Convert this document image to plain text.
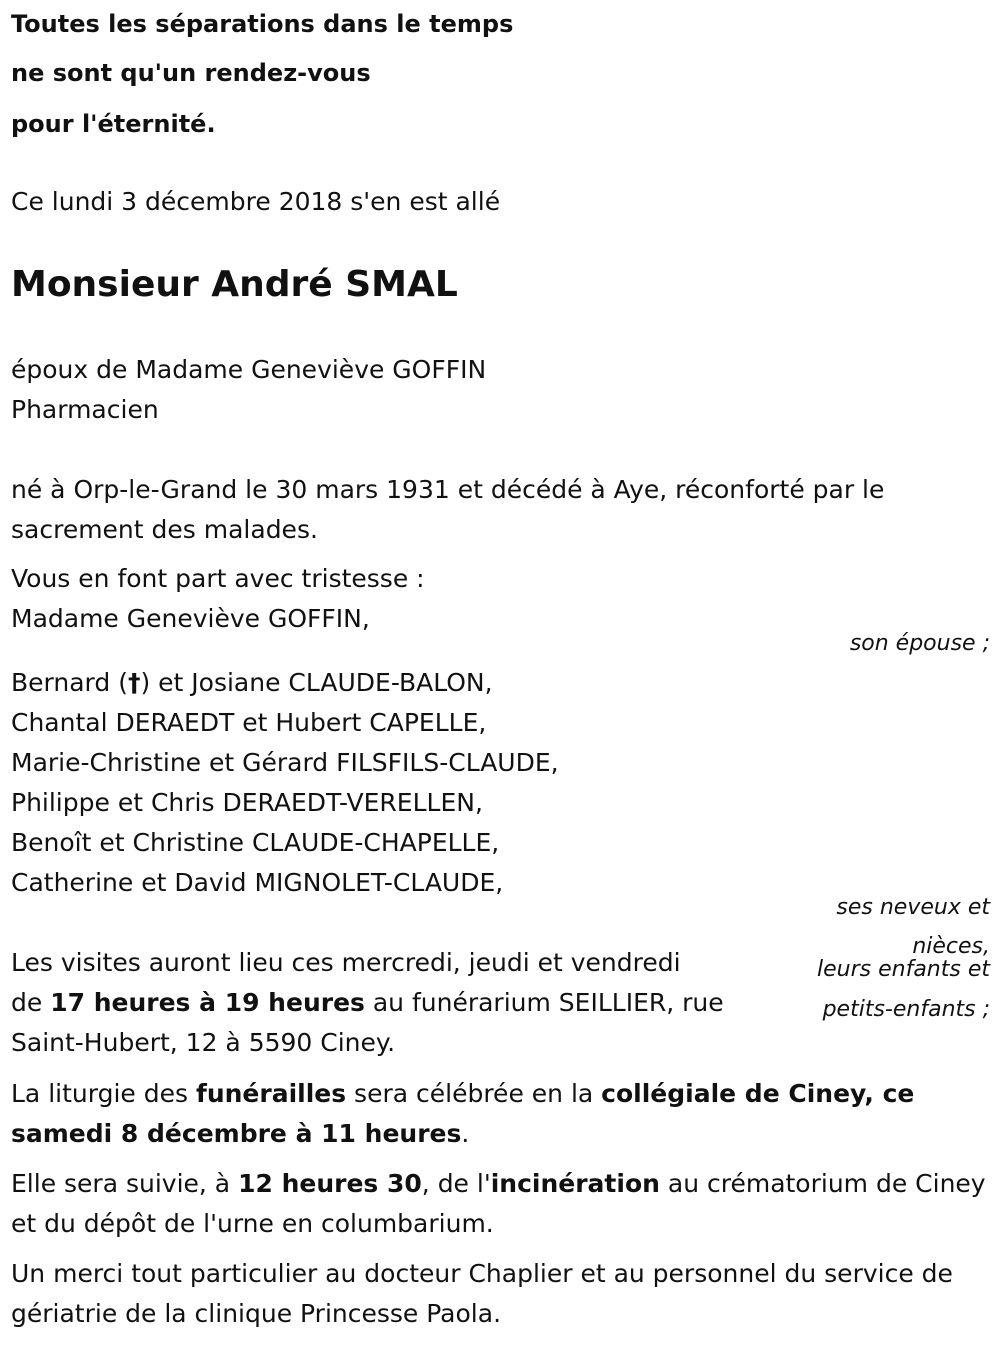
Toutes les séparations dans le temps
ne sont qu'un rendez-vous
pour l'éternité.
Ce lundi 3 décembre 2018 s'en est allé
Monsieur André SMAL
époux de Madame Geneviève GOFFIN
Pharmacien
né à Orp-le-Grand le 30 mars 1931 et décédé à Aye, réconforté par le
sacrement des malades.
Vous en font part avec tristesse :
Madame Geneviève GOFFIN,
son épouse ;
Bernard (†) et Josiane CLAUDE-BALON,
Chantal DERAEDT et Hubert CAPELLE,
Marie-Christine et Gérard FILSFILS-CLAUDE,
Philippe et Chris DERAEDT-VERELLEN,
Benoît et Christine CLAUDE-CHAPELLE,
Catherine et David MIGNOLET-CLAUDE,
ses neveux et
nièces,
leurs enfants et
petits-enfants ;
Les visites auront lieu ces mercredi, jeudi et vendredi
de 17 heures à 19 heures au funérarium SEILLIER, rue
Saint-Hubert, 12 à 5590 Ciney.
La liturgie des funérailles sera célébrée en la collégiale de Ciney, ce samedi 8 décembre à 11 heures.
Elle sera suivie, à 12 heures 30, de l'incinération au crématorium de Ciney et du dépôt de l'urne en columbarium.
Un merci tout particulier au docteur Chaplier et au personnel du service de gériatrie de la clinique Princesse Paola.
